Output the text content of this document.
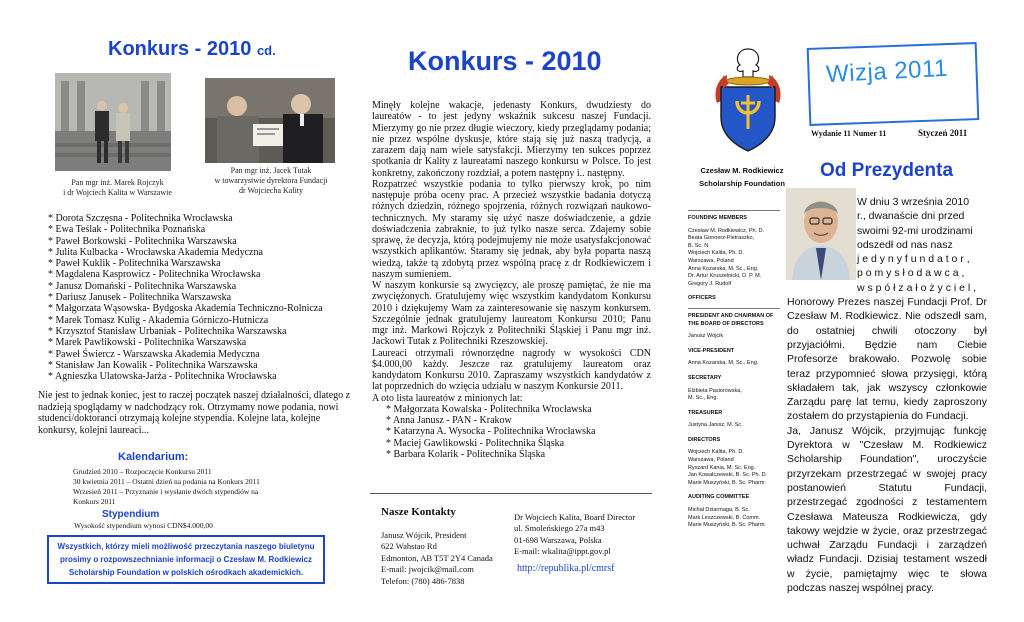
Konkurs - 2010 cd.
Pan mgr inż. Marek Rojczyk
i dr Wojciech Kalita w Warszawie
Pan mgr inż. Jacek Tutak
w towarzystwie dyrektora Fundacji
dr Wojciecha Kality
* Dorota Szczęsna - Politechnika Wrocławska
* Ewa Teślak - Politechnika Poznańska
* Paweł Borkowski - Politechnika Warszawska
* Julita Kulbacka - Wrocławska Akademia Medyczna
* Paweł Kuklik - Politechnika Warszawska
* Magdalena Kasprowicz - Politechnika Wrocławska
* Janusz Domański - Politechnika Warszawska
* Dariusz Janusek - Politechnika Warszawska
* Małgorzata Wąsowska- Bydgoska Akademia Techniczno-Rolnicza
* Marek Tomasz Kulig - Akademia Górniczo-Hutnicza
* Krzysztof Stanisław Urbaniak - Politechnika Warszawska
* Marek Pawlikowski - Politechnika Warszawska
* Paweł Świercz - Warszawska Akademia Medyczna
* Stanisław Jan Kowalik - Politechnika Warszawska
* Agnieszka Ulatowska-Jarża - Politechnika Wrocławska
Nie jest to jednak koniec, jest to raczej początek naszej działalności, dlatego z nadzieją spoglądamy w nadchodzący rok. Otrzymamy nowe podania, nowi studenci/doktoranci otrzymają kolejne stypendia. Kolejne lata, kolejne konkursy, kolejni laureaci...
Kalendarium:
Grudzień 2010 – Rozpoczęcie Konkursu 2011
30 kwietnia 2011 – Ostatni dzień na podania na Konkurs 2011
Wrzesień 2011 – Przyznanie i wysłanie dwóch stypendiów na
Konkurs 2011
Stypendium
Wysokość stypendium wynosi CDN$4.000,00
Wszystkich, którzy mieli możliwość przeczytania naszego biuletynu
prosimy o rozpowszechnianie informacji o Czesław M. Rodkiewicz
Scholarship Foundation w polskich ośrodkach akademickich.
Konkurs - 2010

Minęły kolejne wakacje, jedenasty Konkurs, dwudziesty do laureatów - to jest jedyny wskaźnik sukcesu naszej Fundacji. Mierzymy go nie przez długie wieczory, kiedy przeglądamy podania; nie przez wspólne dyskusje, które stają się już naszą tradycją, a zarazem dają nam wiele satysfakcji. Mierzymy ten sukces poprzez spotkania dr Kality z laureatami naszego konkursu w Polsce. To jest konkretny, zakończony rozdział, a potem następny i.. następny.

Rozpatrzeć wszystkie podania to tylko pierwszy krok, po nim następuje próba oceny prac. A przecież wszystkie badania dotyczą różnych dziedzin, różnego spojrzenia, różnych rozwiązań naukowo-technicznych. My staramy się użyć nasze doświadczenie, a gdzie doświadczenia zabraknie, to już tylko nasze serca. Zdajemy sobie sprawę, że decyzja, którą podejmujemy nie może usatysfakcjonować wszystkich aplikantów. Staramy się jednak, aby była poparta naszą wiedzą, także tą zdobytą przez wspólną pracę z dr Rodkiewiczem i naszym sumieniem.

W naszym konkursie są zwycięzcy, ale proszę pamiętać, że nie ma zwyciężonych. Gratulujemy więc wszystkim kandydatom Konkursu 2010 i dziękujemy Wam za zainteresowanie się naszym konkursem. Szczególnie jednak gratulujemy laureatom Konkursu 2010; Panu mgr inż. Markowi Rojczyk z Politechniki Śląskiej i Panu mgr inż. Jackowi Tutak z Politechniki Rzeszowskiej.

Laureaci otrzymali równorzędne nagrody w wysokości CDN $4.000,00 każdy. Jeszcze raz gratulujemy laureatom oraz kandydatom Konkursu 2010. Zapraszamy wszystkich kandydatów z lat poprzednich do wzięcia udziału w naszym Konkursie 2011.

A oto lista laureatów z minionych lat:

* Małgorzata Kowalska - Politechnika Wrocławska

* Anna Janusz - PAN - Krakow

* Katarzyna A. Wysocka - Politechnika Wrocławska

* Maciej Gawlikowski - Politechnika Śląska

* Barbara Kolarik - Politechnika Śląska

Nasze Kontakty
Janusz Wójcik, President
622 Wahstao Rd
Edmonton, AB T5T 2Y4 Canada
E-mail: jwojcik@mail.com
Telefon: (780) 486-7838
Dr Wojciech Kalita, Board Director
ul. Smoleńskiego 27a m43
01-698 Warszawa, Polska
E-mail: wkalita@ippt.gov.pl
http://republika.pl/cmrsf
Czesław M. Rodkiewicz
Scholarship Foundation
Wizja 2011
Wydanie 11 Numer 11	Styczeń 2011
Od Prezydenta
FOUNDING MEMBERS
Czesław M. Rodkiewicz, Ph. D.
Beata Gonoerz-Pietraszko,
B. Sc. N.
Wojciech Kalita, Ph. D.
Warszawa, Poland
Anna Kozarska, M. Sc., Eng.
Dr. Artur Kruszelnicki, D. P. M.
Gregory J. Rudolf
OFFICERS
PRESIDENT AND CHAIRMAN OF THE BOARD OF DIRECTORS
Janusz Wójcik
VICE-PRESIDENT
Anna Kozarska, M. Sc., Eng.
SECRETARY
Elżbieta Pasiorowska,
M. Sc., Eng.
TREASURER
Justyna Janisz, M. Sc.
DIRECTORS
Wojciech Kalita, Ph. D.
Warszawa, Poland
Ryszard Kania, M. Sc. Eng.
Jan Kowalczewski, B. Sc. Ph. D.
Marie Muszyński, B. Sc. Pharm.
AUDITING COMMITTEE
Michał Dziarmaga, B. Sc.
Mark Leszczewski, B. Comm.
Marie Muszyński, B. Sc. Pharm.
W dniu 3 września 2010
r., dwanaście dni przed
swoimi 92-mi urodzinami
odszedł od nas nasz
j e d y n y f u n d a t o r ,
p o m y s ł o d a w c a ,
w s p ó ł z a ł o ż y c i e l ,
Honorowy Prezes naszej Fundacji Prof. Dr Czesław M. Rodkiewicz. Nie odszedł sam, do ostatniej chwili otoczony był przyjaciółmi. Będzie nam Ciebie Profesorze brakowało. Pozwolę sobie teraz przypomnieć słowa przysięgi, którą składałem tak, jak wszyscy członkowie Zarządu parę lat temu, kiedy zaproszony zostałem do przystąpienia do Fundacji.
Ja, Janusz Wójcik, przyjmując funkcję Dyrektora w "Czesław M. Rodkiewicz Scholarship Foundation", uroczyście przyrzekam przestrzegać w swojej pracy postanowień Statutu Fundacji, przestrzegać zgodności z testamentem Czesława Mateusza Rodkiewicza, gdy takowy wejdzie w życie, oraz przestrzegać uchwał Zarządu Fundacji i zarządzeń władz Fundacji. Dzisiaj testament wszedł w życie, pamiętajmy więc te słowa podczas naszej wspólnej pracy.
